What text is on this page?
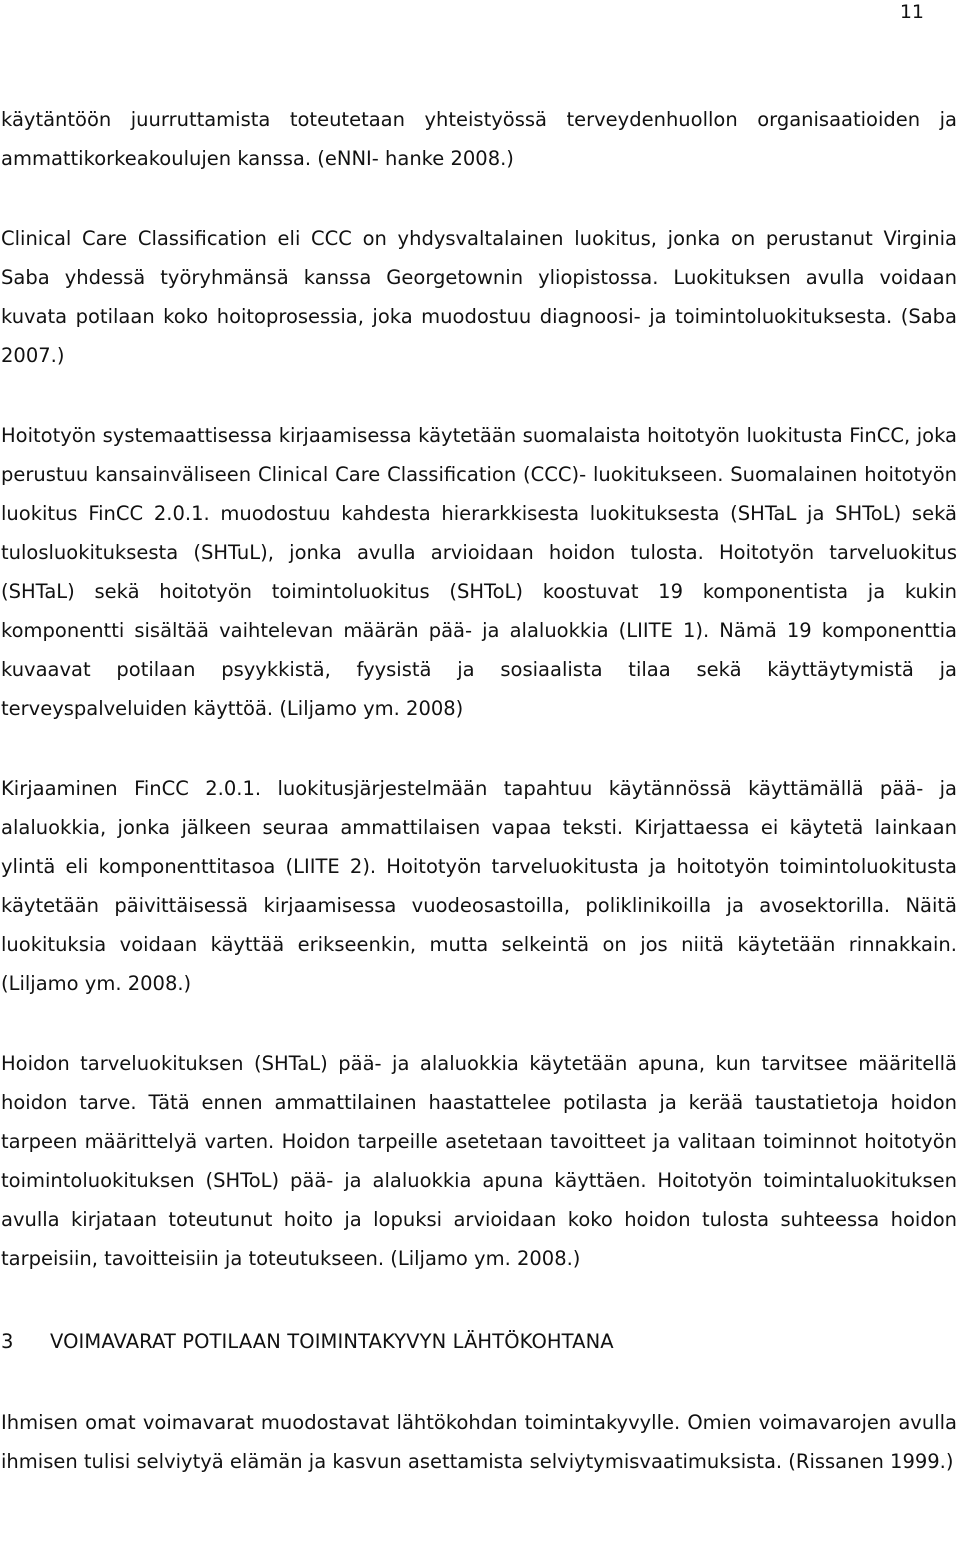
11

käytäntöön juurruttamista toteutetaan yhteistyössä terveydenhuollon organisaatioiden ja ammattikorkeakoulujen kanssa. (eNNI- hanke 2008.)

Clinical Care Classification eli CCC on yhdysvaltalainen luokitus, jonka on perustanut Virginia Saba yhdessä työryhmänsä kanssa Georgetownin yliopistossa. Luokituksen avulla voidaan kuvata potilaan koko hoitoprosessia, joka muodostuu diagnoosi- ja toimintoluokituksesta. (Saba 2007.)

Hoitotyön systemaattisessa kirjaamisessa käytetään suomalaista hoitotyön luokitusta FinCC, joka perustuu kansainväliseen Clinical Care Classification (CCC)- luokitukseen. Suomalainen hoitotyön luokitus FinCC 2.0.1. muodostuu kahdesta hierarkkisesta luokituksesta (SHTaL ja SHToL) sekä tulosluokituksesta (SHTuL), jonka avulla arvioidaan hoidon tulosta. Hoitotyön tarveluokitus (SHTaL) sekä hoitotyön toimintoluokitus (SHToL) koostuvat 19 komponentista ja kukin komponentti sisältää vaihtelevan määrän pää- ja alaluokkia (LIITE 1). Nämä 19 komponenttia kuvaavat potilaan psyykkistä, fyysistä ja sosiaalista tilaa sekä käyttäytymistä ja terveyspalveluiden käyttöä. (Liljamo ym. 2008)

Kirjaaminen FinCC 2.0.1. luokitusjärjestelmään tapahtuu käytännössä käyttämällä pää- ja alaluokkia, jonka jälkeen seuraa ammattilaisen vapaa teksti. Kirjattaessa ei käytetä lainkaan ylintä eli komponenttitasoa (LIITE 2). Hoitotyön tarveluokitusta ja hoitotyön toimintoluokitusta käytetään päivittäisessä kirjaamisessa vuodeosastoilla, poliklinikoilla ja avosektorilla. Näitä luokituksia voidaan käyttää erikseenkin, mutta selkeintä on jos niitä käytetään rinnakkain. (Liljamo ym. 2008.)

Hoidon tarveluokituksen (SHTaL) pää- ja alaluokkia käytetään apuna, kun tarvitsee määritellä hoidon tarve. Tätä ennen ammattilainen haastattelee potilasta ja kerää taustatietoja hoidon tarpeen määrittelyä varten. Hoidon tarpeille asetetaan tavoitteet ja valitaan toiminnot hoitotyön toimintoluokituksen (SHToL) pää- ja alaluokkia apuna käyttäen. Hoitotyön toimintaluokituksen avulla kirjataan toteutunut hoito ja lopuksi arvioidaan koko hoidon tulosta suhteessa hoidon tarpeisiin, tavoitteisiin ja toteutukseen. (Liljamo ym. 2008.)

3	VOIMAVARAT POTILAAN TOIMINTAKYVYN LÄHTÖKOHTANA

Ihmisen omat voimavarat muodostavat lähtökohdan toimintakyvylle. Omien voimavarojen avulla ihmisen tulisi selviytyä elämän ja kasvun asettamista selviytymisvaatimuksista. (Rissanen 1999.)
